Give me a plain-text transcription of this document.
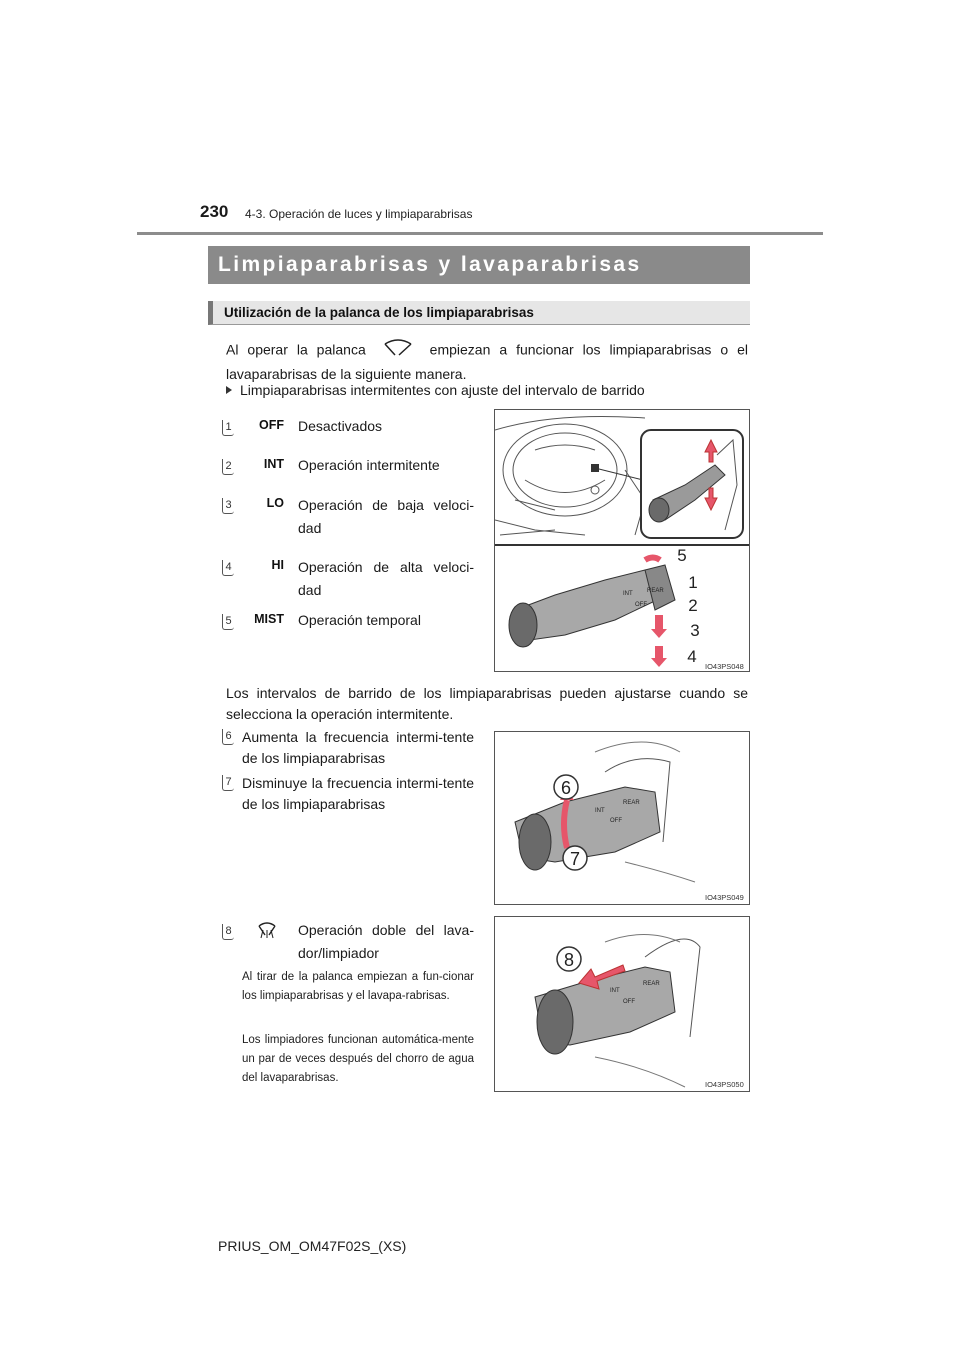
230 4-3. Operación de luces y limpiaparabrisas
Limpiaparabrisas y lavaparabrisas
Utilización de la palanca de los limpiaparabrisas
Al operar la palanca	empiezan a funcionar los limpiaparabrisas o el lavaparabrisas de la siguiente manera.
Limpiaparabrisas intermitentes con ajuste del intervalo de barrido
1	OFF Desactivados
2	INT Operación intermitente
3	LO Operación de baja veloci-dad
4	HI Operación de alta veloci-dad
5	MIST Operación temporal
INT
OFF
REAR
5
1
2
3
4
IO43PS048
Los intervalos de barrido de los limpiaparabrisas pueden ajustarse cuando se selecciona la operación intermitente.
6 Aumenta la frecuencia intermi-tente de los limpiaparabrisas
7 Disminuye la frecuencia intermi-tente de los limpiaparabrisas	INT
OFF
REAR
6
7
IO43PS049
8	Operación doble del lava-dor/limpiador
Al tirar de la palanca empiezan a fun-cionar los limpiaparabrisas y el lavapa-rabrisas.
Los limpiadores funcionan automática-mente un par de veces después del chorro de agua del lavaparabrisas.
INT
OFF
REAR
8
IO43PS050
PRIUS_OM_OM47F02S_(XS)
